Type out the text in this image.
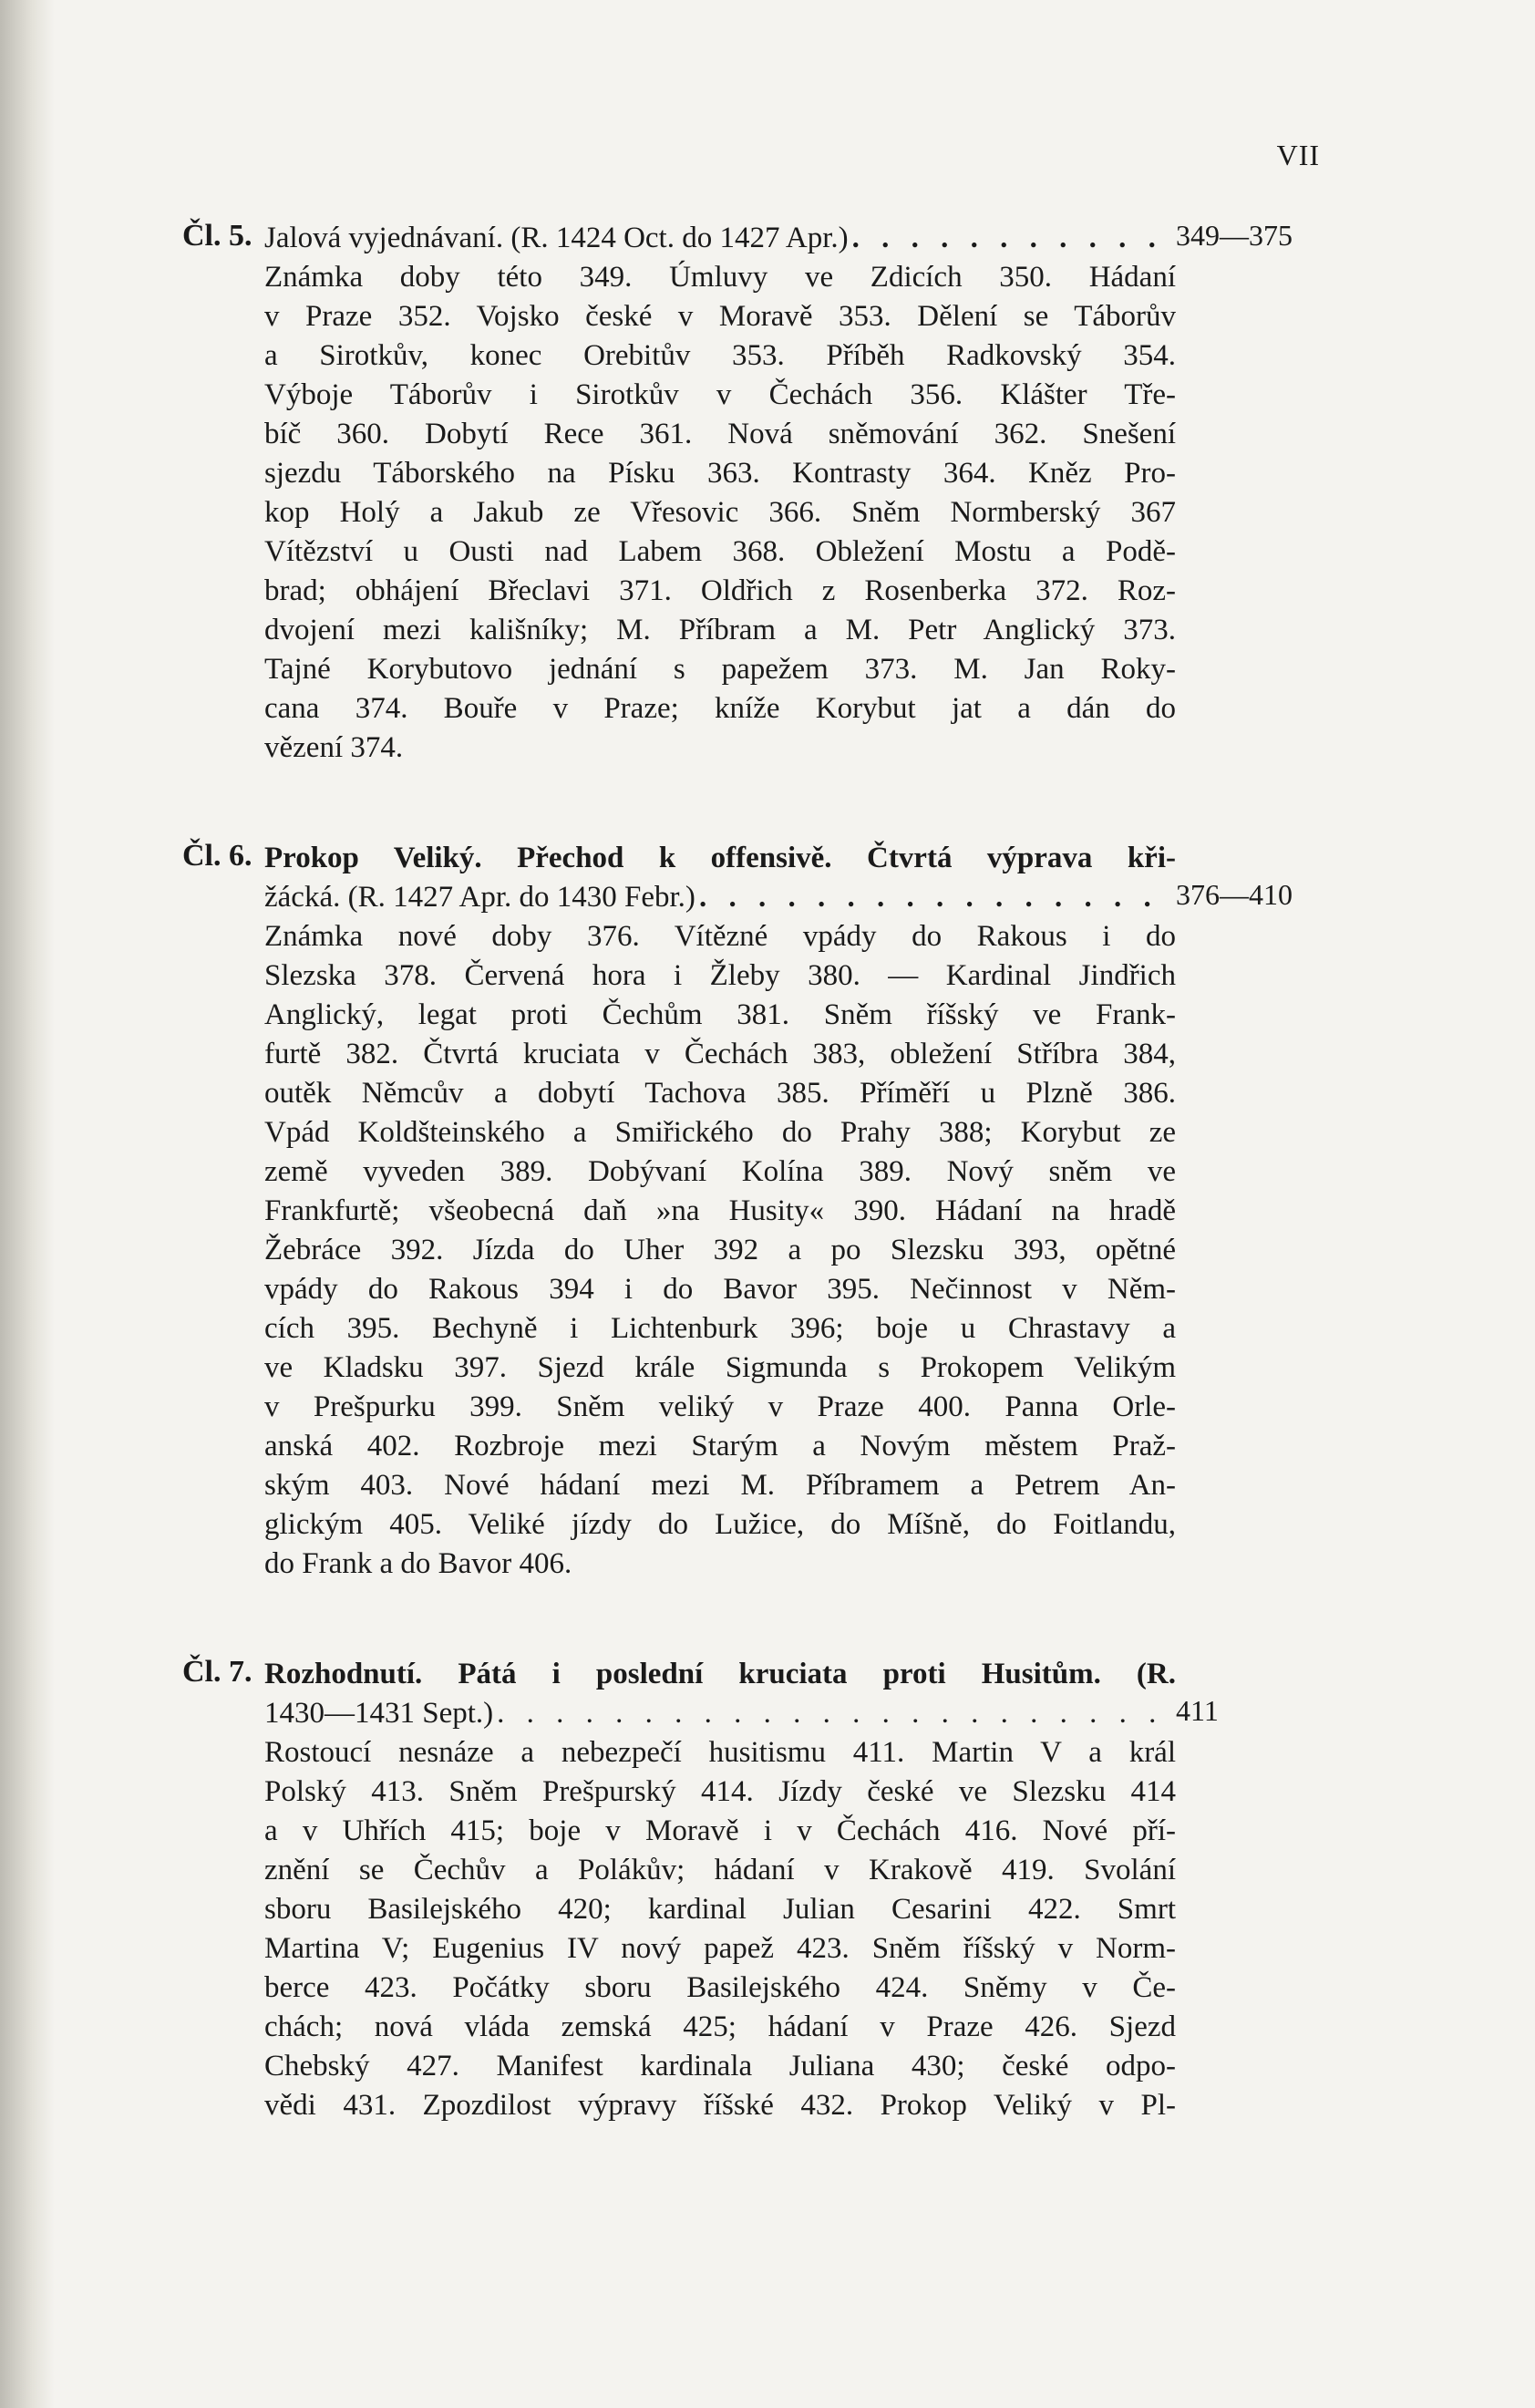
VII
Čl. 5.	349—375
Jalová vyjednávaní. (R. 1424 Oct. do 1427 Apr.)
. . .
Známka doby této 349. Úmluvy ve Zdicích 350. Hádaní
v Praze 352. Vojsko české v Moravě 353. Dělení se Táborův
a Sirotkův, konec Orebitův 353. Příběh Radkovský 354.
Výboje Táborův i Sirotkův v Čechách 356. Klášter Tře-
bíč 360. Dobytí Rece 361. Nová sněmování 362. Snešení
sjezdu Táborského na Písku 363. Kontrasty 364. Kněz Pro-
kop Holý a Jakub ze Vřesovic 366. Sněm Normberský 367
Vítězství u Ousti nad Labem 368. Obležení Mostu a Podě-
brad; obhájení Břeclavi 371. Oldřich z Rosenberka 372. Roz-
dvojení mezi kališníky; M. Příbram a M. Petr Anglický 373.
Tajné Korybutovo jednání s papežem 373. M. Jan Roky-
cana 374. Bouře v Praze; kníže Korybut jat a dán do
vězení 374.
Čl. 6.
376—410
Prokop Veliký. Přechod k offensivě. Čtvrtá výprava kři-
žácká. (R. 1427 Apr. do 1430 Febr.)
. . .
Známka nové doby 376. Vítězné vpády do Rakous i do
Slezska 378. Červená hora i Žleby 380. — Kardinal Jindřich
Anglický, legat proti Čechům 381. Sněm říšský ve Frank-
furtě 382. Čtvrtá kruciata v Čechách 383, obležení Stříbra 384,
outěk Němcův a dobytí Tachova 385. Příměří u Plzně 386.
Vpád Koldšteinského a Smiřického do Prahy 388; Korybut ze
země vyveden 389. Dobývaní Kolína 389. Nový sněm ve
Frankfurtě; všeobecná daň »na Husity« 390. Hádaní na hradě
Žebráce 392. Jízda do Uher 392 a po Slezsku 393, opětné
vpády do Rakous 394 i do Bavor 395. Nečinnost v Něm-
cích 395. Bechyně i Lichtenburk 396; boje u Chrastavy a
ve Kladsku 397. Sjezd krále Sigmunda s Prokopem Velikým
v Prešpurku 399. Sněm veliký v Praze 400. Panna Orle-
anská 402. Rozbroje mezi Starým a Novým městem Praž-
ským 403. Nové hádaní mezi M. Příbramem a Petrem An-
glickým 405. Veliké jízdy do Lužice, do Míšně, do Foitlandu,
do Frank a do Bavor 406.
Čl. 7.
411
Rozhodnutí. Pátá i poslední kruciata proti Husitům. (R.
1430—1431 Sept.)
. . .
Rostoucí nesnáze a nebezpečí husitismu 411. Martin V a král
Polský 413. Sněm Prešpurský 414. Jízdy české ve Slezsku 414
a v Uhřích 415; boje v Moravě i v Čechách 416. Nové pří-
znění se Čechův a Polákův; hádaní v Krakově 419. Svolání
sboru Basilejského 420; kardinal Julian Cesarini 422. Smrt
Martina V; Eugenius IV nový papež 423. Sněm říšský v Norm-
berce 423. Počátky sboru Basilejského 424. Sněmy v Če-
chách; nová vláda zemská 425; hádaní v Praze 426. Sjezd
Chebský 427. Manifest kardinala Juliana 430; české odpo-
vědi 431. Zpozdilost výpravy říšské 432. Prokop Veliký v Pl-
